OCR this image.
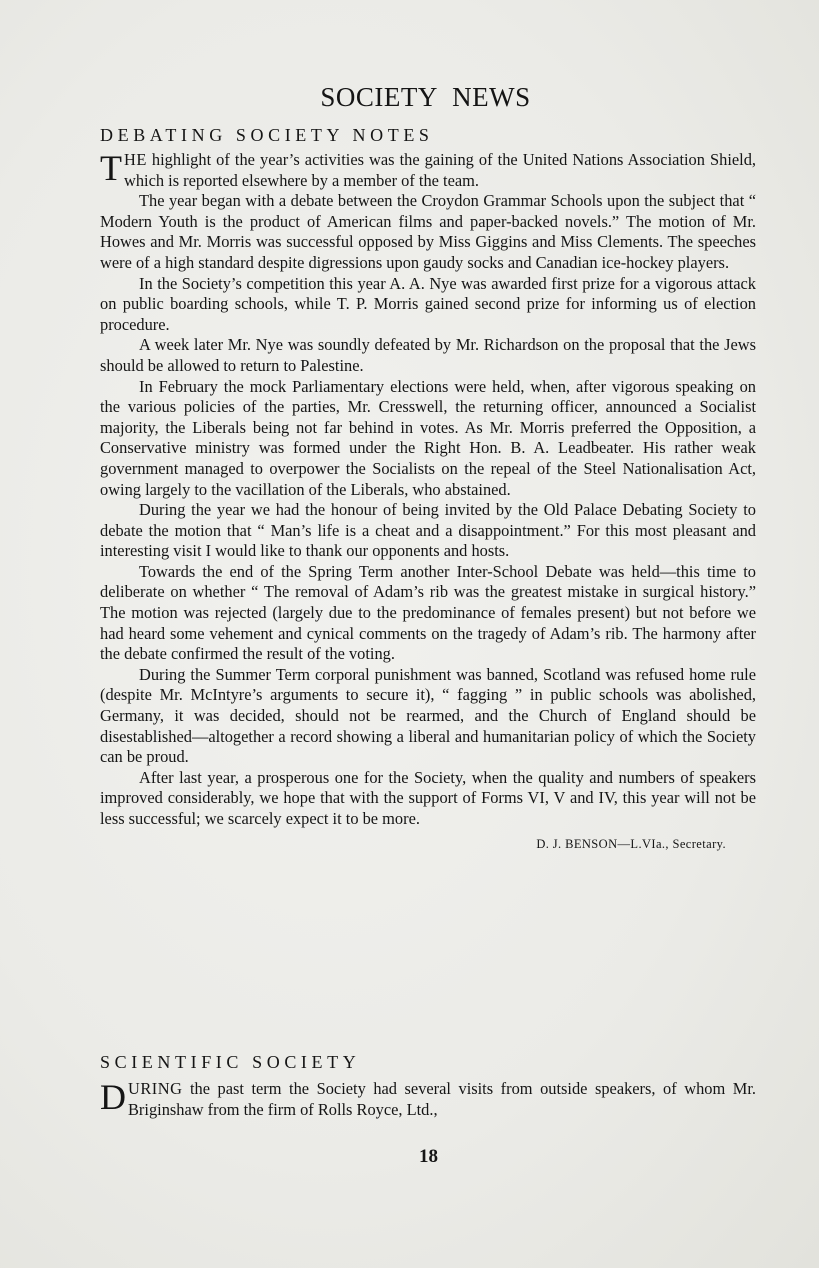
SOCIETY NEWS
DEBATING SOCIETY NOTES

THE highlight of the year’s activities was the gaining of the United Nations Association Shield, which is reported elsewhere by a member of the team.

The year began with a debate between the Croydon Grammar Schools upon the subject that “ Modern Youth is the product of American films and paper-backed novels.” The motion of Mr. Howes and Mr. Morris was successful opposed by Miss Giggins and Miss Clements. The speeches were of a high standard despite digressions upon gaudy socks and Canadian ice-hockey players.

In the Society’s competition this year A. A. Nye was awarded first prize for a vigorous attack on public boarding schools, while T. P. Morris gained second prize for informing us of election procedure.

A week later Mr. Nye was soundly defeated by Mr. Richardson on the proposal that the Jews should be allowed to return to Palestine.

In February the mock Parliamentary elections were held, when, after vigorous speaking on the various policies of the parties, Mr. Cresswell, the returning officer, announced a Socialist majority, the Liberals being not far behind in votes. As Mr. Morris preferred the Opposition, a Conservative ministry was formed under the Right Hon. B. A. Leadbeater. His rather weak government managed to overpower the Socialists on the repeal of the Steel Nationalisation Act, owing largely to the vacillation of the Liberals, who abstained.

During the year we had the honour of being invited by the Old Palace Debating Society to debate the motion that “ Man’s life is a cheat and a disappointment.” For this most pleasant and interesting visit I would like to thank our opponents and hosts.

Towards the end of the Spring Term another Inter-School Debate was held—this time to deliberate on whether “ The removal of Adam’s rib was the greatest mistake in surgical history.” The motion was rejected (largely due to the predominance of females present) but not before we had heard some vehement and cynical comments on the tragedy of Adam’s rib. The harmony after the debate confirmed the result of the voting.

During the Summer Term corporal punishment was banned, Scotland was refused home rule (despite Mr. McIntyre’s arguments to secure it), “ fagging ” in public schools was abolished, Germany, it was decided, should not be rearmed, and the Church of England should be disestablished—altogether a record showing a liberal and humanitarian policy of which the Society can be proud.

After last year, a prosperous one for the Society, when the quality and numbers of speakers improved considerably, we hope that with the support of Forms VI, V and IV, this year will not be less successful; we scarcely expect it to be more.

D. J. BENSON—L.VIa., Secretary.
SCIENTIFIC SOCIETY

DURING the past term the Society had several visits from outside speakers, of whom Mr. Briginshaw from the firm of Rolls Royce, Ltd.,

18
